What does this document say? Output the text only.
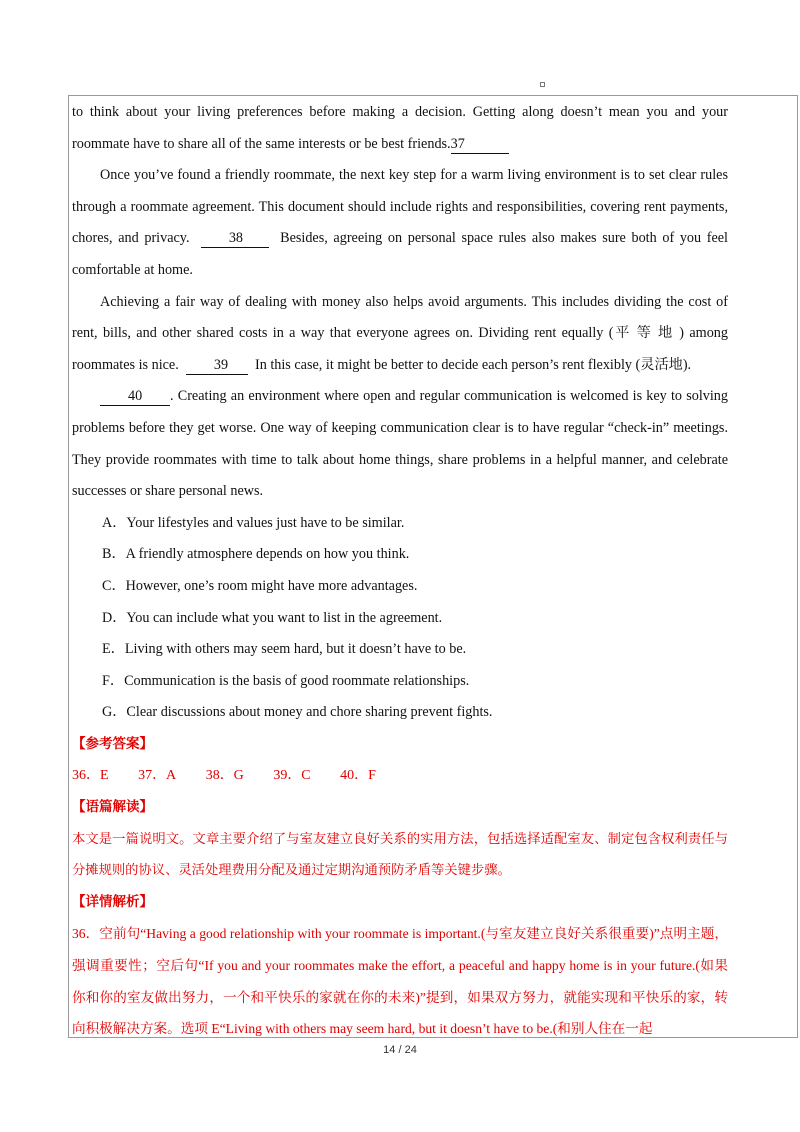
to think about your living preferences before making a decision. Getting along doesn’t mean you and your roommate have to share all of the same interests or be best friends.37

Once you’ve found a friendly roommate, the next key step for a warm living environment is to set clear rules through a roommate agreement. This document should include rights and responsibilities, covering rent payments, chores, and privacy.	38	Besides, agreeing on personal space rules also makes sure both of you feel comfortable at home.

Achieving a fair way of dealing with money also helps avoid arguments. This includes dividing the cost of rent, bills, and other shared costs in a way that everyone agrees on. Dividing rent equally (平 等 地 ) among roommates is nice. 39 In this case, it might be better to decide each person’s rent flexibly (灵活地).

40 . Creating an environment where open and regular communication is welcomed is key to solving problems before they get worse. One way of keeping communication clear is to have regular “check-in” meetings. They provide roommates with time to talk about home things, share problems in a helpful manner, and celebrate successes or share personal news.

A．Your lifestyles and values just have to be similar.

B．A friendly atmosphere depends on how you think.

C．However, one’s room might have more advantages.

D．You can include what you want to list in the agreement.

E．Living with others may seem hard, but it doesn’t have to be.

F．Communication is the basis of good roommate relationships.

G．Clear discussions about money and chore sharing prevent fights.

【参考答案】

36．E 37．A 38．G 39．C 40．F

【语篇解读】

本文是一篇说明文。文章主要介绍了与室友建立良好关系的实用方法，包括选择适配室友、制定包含权利责任与分摊规则的协议、灵活处理费用分配及通过定期沟通预防矛盾等关键步骤。

【详情解析】

36．空前句“Having a good relationship with your roommate is important.(与室友建立良好关系很重要)”点明主题，强调重要性；空后句“If you and your roommates make the effort, a peaceful and happy home is in your future.(如果你和你的室友做出努力，一个和平快乐的家就在你的未来)”提到，如果双方努力，就能实现和平快乐的家，转向积极解决方案。选项 E“Living with others may seem hard, but it doesn’t have to be.(和别人住在一起

14 / 24
